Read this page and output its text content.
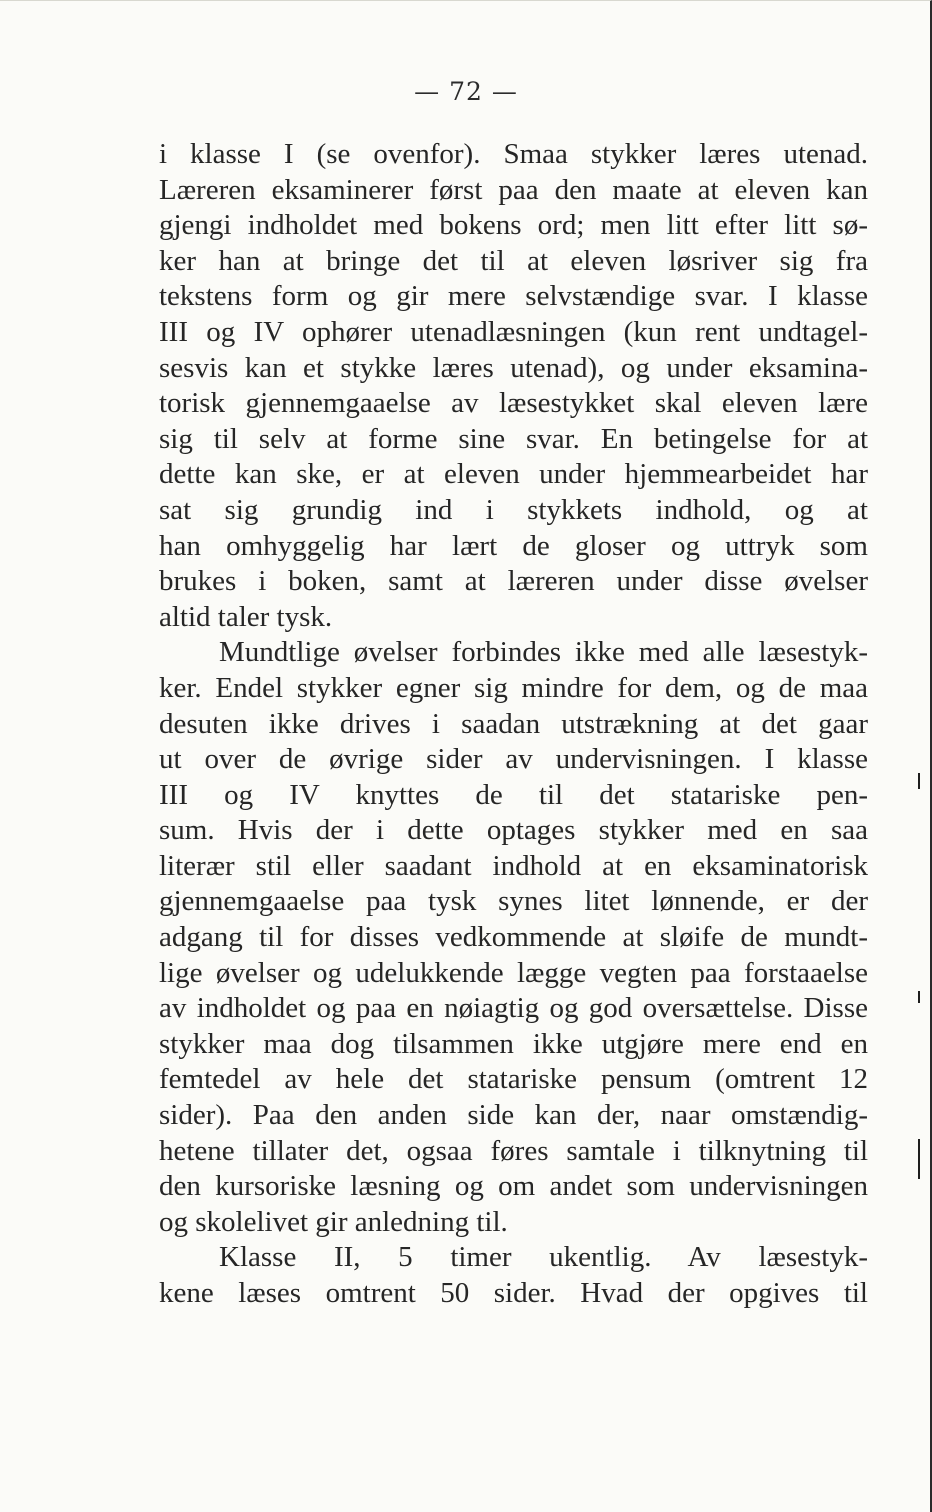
— 72 —
i klasse I (se ovenfor). Smaa stykker læres utenad.
Læreren eksaminerer først paa den maate at eleven kan
gjengi indholdet med bokens ord; men litt efter litt sø-
ker han at bringe det til at eleven løsriver sig fra
tekstens form og gir mere selvstændige svar. I klasse
III og IV ophører utenadlæsningen (kun rent undtagel-
sesvis kan et stykke læres utenad), og under eksamina-
torisk gjennemgaaelse av læsestykket skal eleven lære
sig til selv at forme sine svar. En betingelse for at
dette kan ske, er at eleven under hjemmearbeidet har
sat sig grundig ind i stykkets indhold, og at
han omhyggelig har lært de gloser og uttryk som
brukes i boken, samt at læreren under disse øvelser
altid taler tysk.
Mundtlige øvelser forbindes ikke med alle læsestyk-
ker. Endel stykker egner sig mindre for dem, og de maa
desuten ikke drives i saadan utstrækning at det gaar
ut over de øvrige sider av undervisningen. I klasse
III og IV knyttes de til det statariske pen-
sum. Hvis der i dette optages stykker med en saa
literær stil eller saadant indhold at en eksaminatorisk
gjennemgaaelse paa tysk synes litet lønnende, er der
adgang til for disses vedkommende at sløife de mundt-
lige øvelser og udelukkende lægge vegten paa forstaaelse
av indholdet og paa en nøiagtig og god oversættelse. Disse
stykker maa dog tilsammen ikke utgjøre mere end en
femtedel av hele det statariske pensum (omtrent 12
sider). Paa den anden side kan der, naar omstændig-
hetene tillater det, ogsaa føres samtale i tilknytning til
den kursoriske læsning og om andet som undervisningen
og skolelivet gir anledning til.
Klasse II, 5 timer ukentlig. Av læsestyk-
kene læses omtrent 50 sider. Hvad der opgives til
